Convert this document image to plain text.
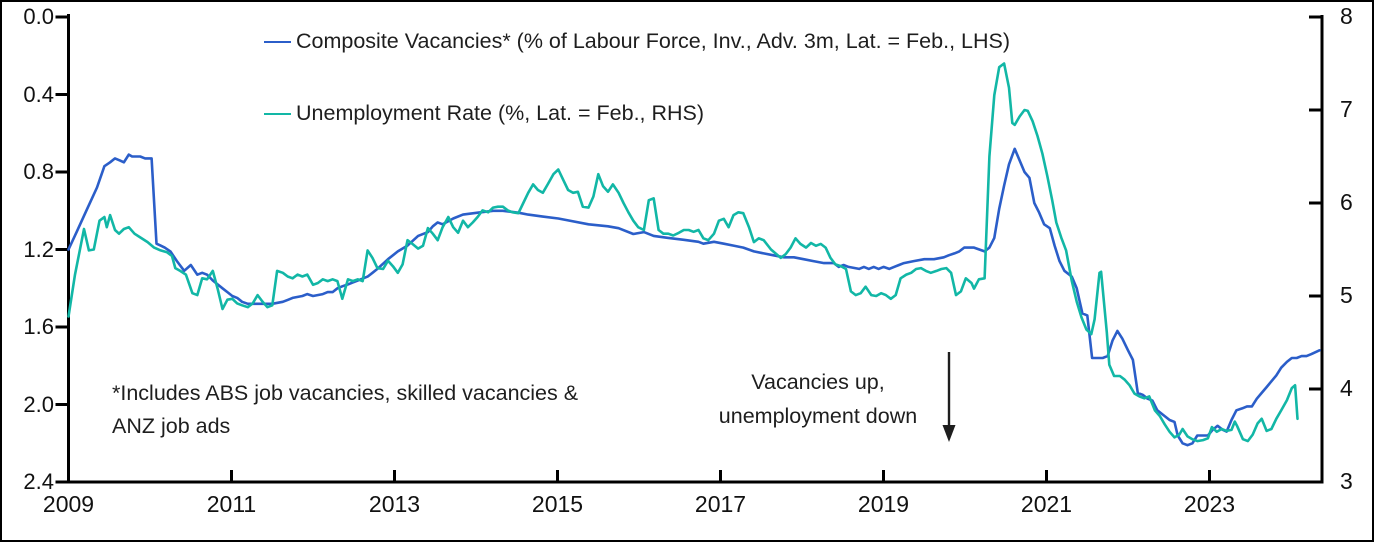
0.0
0.4
0.8
1.2
1.6
2.0
2.4
8
7
6
5
4
3
2009	2011	2013	2015	2017	2019	2021	2023
Composite Vacancies* (% of Labour Force, Inv., Adv. 3m, Lat. = Feb., LHS)
Unemployment Rate (%, Lat. = Feb., RHS)
*Includes ABS job vacancies, skilled vacancies &
ANZ job ads
Vacancies up,
unemployment down
